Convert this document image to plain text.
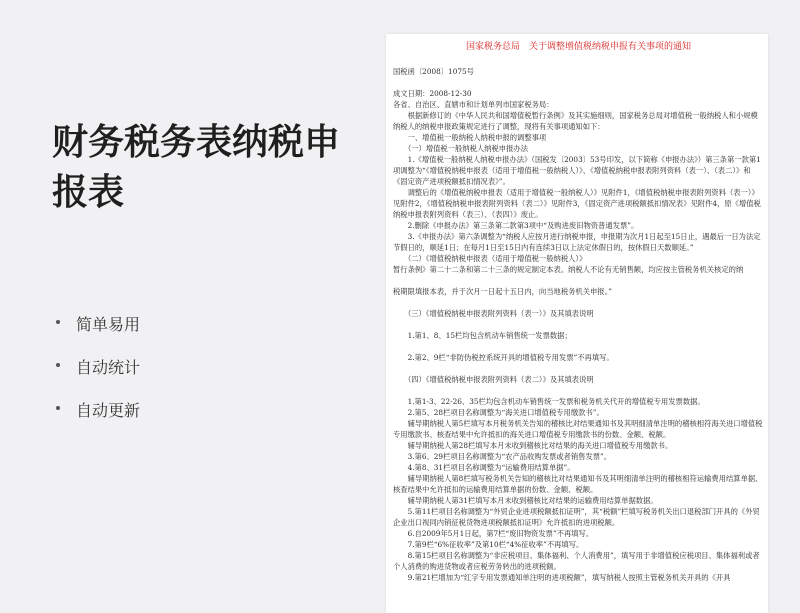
财务税务表纳税申报表
简单易用
自动统计
自动更新
国家税务总局　关于调整增值税纳税申报有关事项的通知
国税函〔2008〕1075号
成文日期：2008-12-30
各省、自治区、直辖市和计划单列市国家税务局：
　　根据新修订的《中华人民共和国增值税暂行条例》及其实施细则，国家税务总局对增值税一般纳税人和小规模纳税人的纳税申报政策规定进行了调整，现将有关事项通知如下：
　　一、增值税一般纳税人纳税申报的调整事项
　　（一）增值税一般纳税人纳税申报办法
　　1.《增值税一般纳税人纳税申报办法》（国税发〔2003〕53号印发，以下简称《申报办法》）第三条第一款第1项调整为“《增值税纳税申报表（适用于增值税一般纳税人）》、《增值税纳税申报表附列资料（表一）、（表二）》和《固定资产进项税额抵扣情况表》”。
　　调整后的《增值税纳税申报表（适用于增值税一般纳税人）》见附件1，《增值税纳税申报表附列资料（表一）》见附件2，《增值税纳税申报表附列资料（表二）》见附件3，《固定资产进项税额抵扣情况表》见附件4，原《增值税纳税申报表附列资料（表三）、（表四）》废止。
　　2.删除《申报办法》第三条第二款第3项中“及购进废旧物资普通发票”。
　　3.《申报办法》第六条调整为“纳税人应按月进行纳税申报，申报期为次月1日起至15日止，遇最后一日为法定节假日的，顺延1日；在每月1日至15日内有连续3日以上法定休假日的，按休假日天数顺延。”
　　（二）《增值税纳税申报表（适用于增值税一般纳税人）》
暂行条例》第二十二条和第二十三条的规定制定本表。纳税人不论有无销售额，均应按主管税务机关核定的纳
税期限填报本表，并于次月一日起十五日内，向当地税务机关申报。”
　　（三）《增值税纳税申报表附列资料（表一）》及其填表说明
　　1.第1、8、15栏均包含机动车销售统一发票数据；
　　2.第2、9栏“非防伪税控系统开具的增值税专用发票”不再填写。
　　（四）《增值税纳税申报表附列资料（表二）》及其填表说明
　　1.第1-3、22-26、35栏均包含机动车销售统一发票和税务机关代开的增值税专用发票数据。
　　2.第5、28栏项目名称调整为“海关进口增值税专用缴款书”。
　　辅导期纳税人第5栏填写本月税务机关告知的稽核比对结果通知书及其明细清单注明的稽核相符海关进口增值税专用缴款书、核查结果中允许抵扣的海关进口增值税专用缴款书的份数、金额、税额。
　　辅导期纳税人第28栏填写本月未收到稽核比对结果的海关进口增值税专用缴款书。
　　3.第6、29栏项目名称调整为“农产品收购发票或者销售发票”。
　　4.第8、31栏项目名称调整为“运输费用结算单据”。
　　辅导期纳税人第8栏填写税务机关告知的稽核比对结果通知书及其明细清单注明的稽核相符运输费用结算单据、核查结果中允许抵扣的运输费用结算单据的份数、金额、税额。
　　辅导期纳税人第31栏填写本月未收到稽核比对结果的运输费用结算单据数据。
　　5.第11栏项目名称调整为“外贸企业进项税额抵扣证明”，其“税额”栏填写税务机关出口退税部门开具的《外贸企业出口视同内销征税货物进项税额抵扣证明》允许抵扣的进项税额。
　　6.自2009年5月1日起，第7栏“废旧物资发票”不再填写。
　　7.第9栏“6%征收率”及第10栏“4%征收率”不再填写。
　　8.第15栏项目名称调整为“非应税项目、集体福利、个人消费用”，填写用于非增值税应税项目、集体福利或者个人消费的购进货物或者应税劳务转出的进项税额。
　　9.第21栏增加为“红字专用发票通知单注明的进项税额”，填写纳税人按照主管税务机关开具的《开具
